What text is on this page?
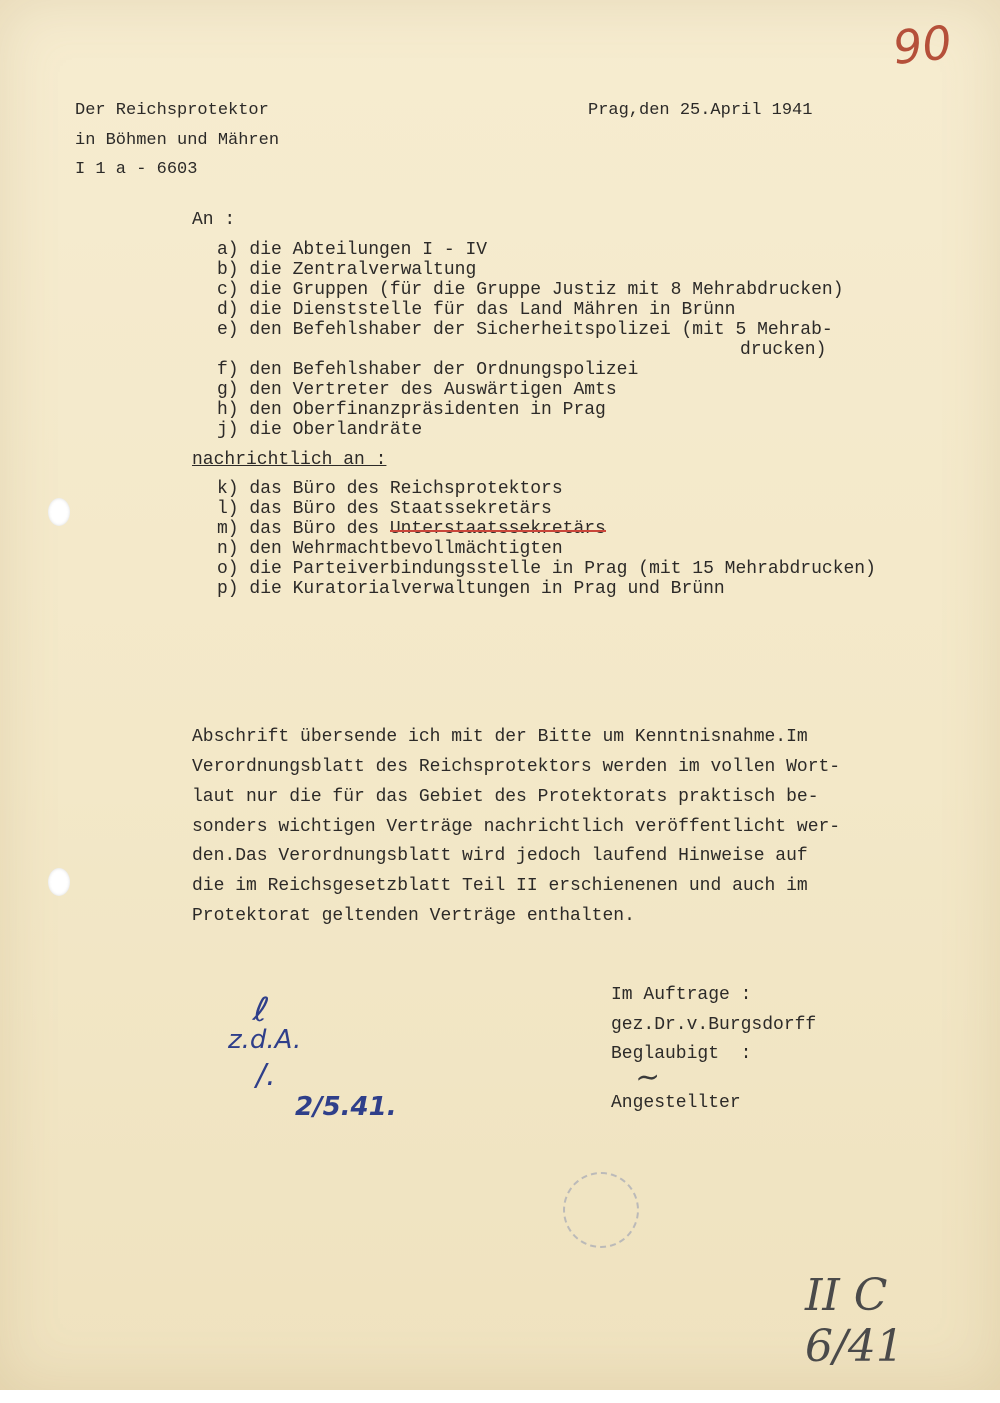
90
Der Reichsprotektor
in Böhmen und Mähren
I 1 a - 6603
Prag,den 25.April 1941
An :
a) die Abteilungen I - IV
b) die Zentralverwaltung
c) die Gruppen (für die Gruppe Justiz mit 8 Mehrabdrucken)
d) die Dienststelle für das Land Mähren in Brünn
e) den Befehlshaber der Sicherheitspolizei (mit 5 Mehrab-
drucken)
f) den Befehlshaber der Ordnungspolizei
g) den Vertreter des Auswärtigen Amts
h) den Oberfinanzpräsidenten in Prag
j) die Oberlandräte
nachrichtlich an :
k) das Büro des Reichsprotektors
l) das Büro des Staatssekretärs
m) das Büro des Unterstaatssekretärs
n) den Wehrmachtbevollmächtigten
o) die Parteiverbindungsstelle in Prag (mit 15 Mehrabdrucken)
p) die Kuratorialverwaltungen in Prag und Brünn
Abschrift übersende ich mit der Bitte um Kenntnisnahme.Im
Verordnungsblatt des Reichsprotektors werden im vollen Wort-
laut nur die für das Gebiet des Protektorats praktisch be-
sonders wichtigen Verträge nachrichtlich veröffentlicht wer-
den.Das Verordnungsblatt wird jedoch laufend Hinweise auf
die im Reichsgesetzblatt Teil II erschienenen und auch im
Protektorat geltenden Verträge enthalten.
Im Auftrage :
gez.Dr.v.Burgsdorff
Beglaubigt  :
~
Angestellter
ℓ
z.d.A.
/.
2/5.41.
II C 6/41
